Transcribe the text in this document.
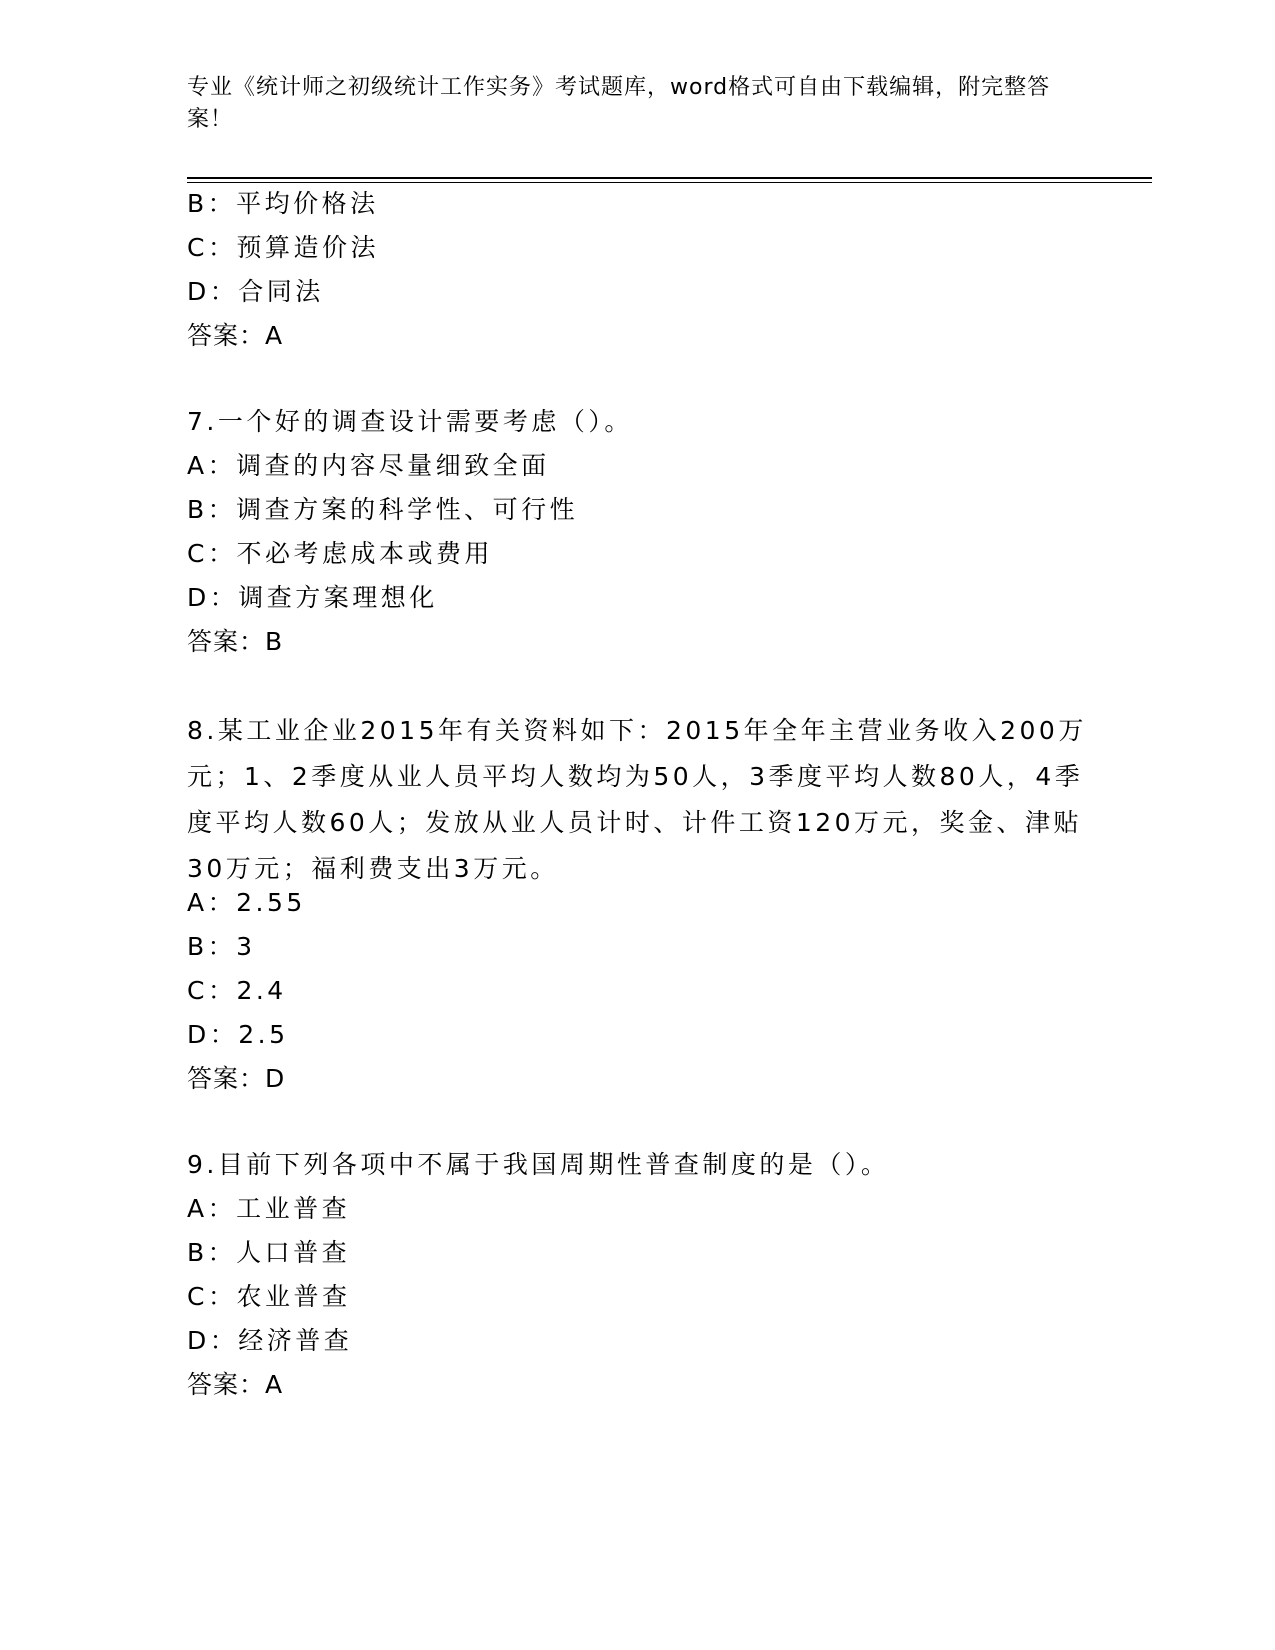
专业《统计师之初级统计工作实务》考试题库，word格式可自由下载编辑，附完整答案！
B：平均价格法
C：预算造价法
D：合同法
答案：A
7.一个好的调查设计需要考虑（）。
A：调查的内容尽量细致全面
B：调查方案的科学性、可行性
C：不必考虑成本或费用
D：调查方案理想化
答案：B
8.某工业企业2015年有关资料如下：2015年全年主营业务收入200万元；1、2季度从业人员平均人数均为50人，3季度平均人数80人，4季度平均人数60人；发放从业人员计时、计件工资120万元，奖金、津贴30万元；福利费支出3万元。
A：2.55
B：3
C：2.4
D：2.5
答案：D
9.目前下列各项中不属于我国周期性普查制度的是（）。
A：工业普查
B：人口普查
C：农业普查
D：经济普查
答案：A
